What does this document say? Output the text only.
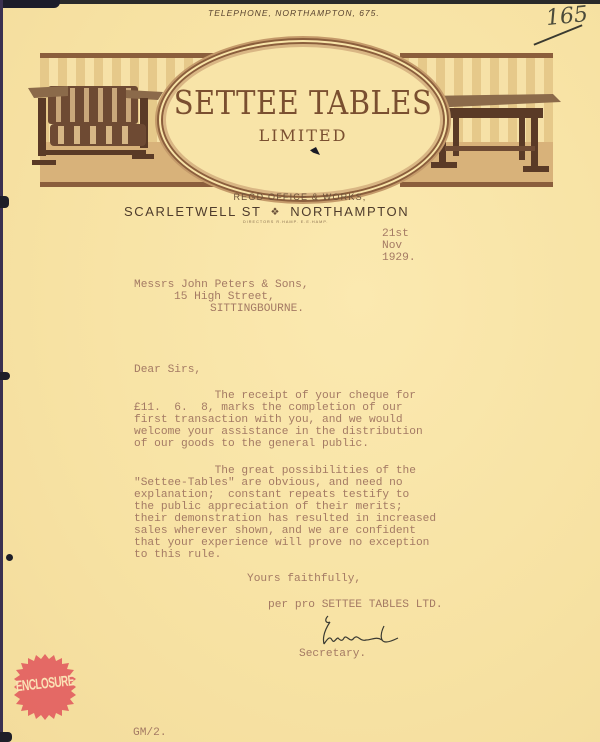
TELEPHONE, NORTHAMPTON, 675.	165
SETTEE TABLES
LIMITED
REGD OFFICE & WORKS,
SCARLETWELL ST ❖ NORTHAMPTON
DIRECTORS R.HAMP. E.E.HAMP.
21st
Nov
1929.
Messrs John Peters & Sons,
15 High Street,
SITTINGBOURNE.
Dear Sirs,
The receipt of your cheque for
£11.  6.  8, marks the completion of our
first transaction with you, and we would
welcome your assistance in the distribution
of our goods to the general public.
The great possibilities of the
"Settee-Tables" are obvious, and need no
explanation;  constant repeats testify to
the public appreciation of their merits;
their demonstration has resulted in increased
sales wherever shown, and we are confident
that your experience will prove no exception
to this rule.
Yours faithfully,
per pro SETTEE TABLES LTD.
Secretary.
ENCLOSURE
GM/2.
